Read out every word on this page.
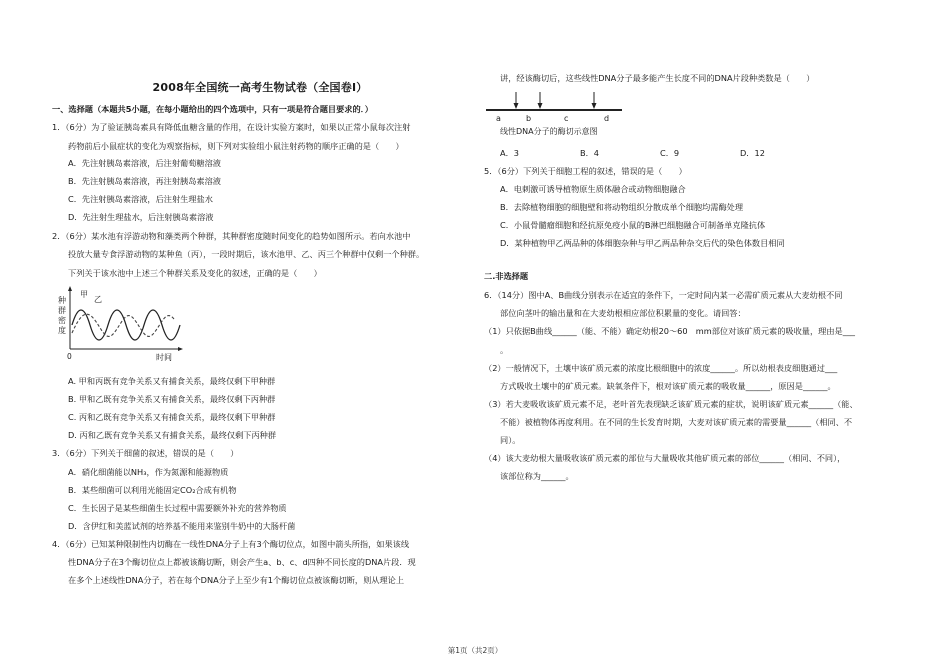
2008年全国统一高考生物试卷（全国卷Ⅰ）
一、选择题（本题共5小题，在每小题给出的四个选项中，只有一项是符合题目要求的．）
1．（6分）为了验证胰岛素具有降低血糖含量的作用，在设计实验方案时，如果以正常小鼠每次注射
药物前后小鼠症状的变化为观察指标，则下列对实验组小鼠注射药物的顺序正确的是（　　）
A．先注射胰岛素溶液，后注射葡萄糖溶液
B．先注射胰岛素溶液，再注射胰岛素溶液
C．先注射胰岛素溶液，后注射生理盐水
D．先注射生理盐水，后注射胰岛素溶液
2．（6分）某水池有浮游动物和藻类两个种群，其种群密度随时间变化的趋势如图所示。若向水池中
投放大量专食浮游动物的某种鱼（丙），一段时期后，该水池甲、乙、丙三个种群中仅剩一个种群。
下列关于该水池中上述三个种群关系及变化的叙述，正确的是（　　）
种
群
密
度
甲
乙
0	时间
A. 甲和丙既有竞争关系又有捕食关系，最终仅剩下甲种群
B. 甲和乙既有竞争关系又有捕食关系，最终仅剩下丙种群
C. 丙和乙既有竞争关系又有捕食关系，最终仅剩下甲种群
D. 丙和乙既有竞争关系又有捕食关系，最终仅剩下丙种群
3．（6分）下列关于细菌的叙述，错误的是（　　）
A．硝化细菌能以NH₃，作为氮源和能源物质
B．某些细菌可以利用光能固定CO₂合成有机物
C．生长因子是某些细菌生长过程中需要额外补充的营养物质
D．含伊红和美蓝试剂的培养基不能用来鉴别牛奶中的大肠杆菌
4．（6分）已知某种限制性内切酶在一线性DNA分子上有3个酶切位点，如图中箭头所指，如果该线
性DNA分子在3个酶切位点上都被该酶切断，则会产生a、b、c、d四种不同长度的DNA片段．现
在多个上述线性DNA分子，若在每个DNA分子上至少有1个酶切位点被该酶切断，则从理论上
讲，经该酶切后，这些线性DNA分子最多能产生长度不同的DNA片段种类数是（　　）
a	b	c	d
线性DNA分子的酶切示意图
A．3	B．4	C．9	D．12
5．（6分）下列关于细胞工程的叙述，错误的是（　　）
A．电刺激可诱导植物原生质体融合或动物细胞融合
B．去除植物细胞的细胞壁和将动物组织分散成单个细胞均需酶处理
C．小鼠骨髓瘤细胞和经抗原免疫小鼠的B淋巴细胞融合可制备单克隆抗体
D．某种植物甲乙两品种的体细胞杂种与甲乙两品种杂交后代的染色体数目相同
二.非选择题
6．（14分）图中A、B曲线分别表示在适宜的条件下，一定时间内某一必需矿质元素从大麦幼根不同
部位向茎叶的输出量和在大麦幼根相应部位积累量的变化。请回答：
（1）只依据B曲线______（能、不能）确定幼根20～60　mm部位对该矿质元素的吸收量，理由是___
。
（2）一般情况下，土壤中该矿质元素的浓度比根细胞中的浓度______。所以幼根表皮细胞通过___
方式吸收土壤中的矿质元素。缺氧条件下，根对该矿质元素的吸收量______，原因是______。
（3）若大麦吸收该矿质元素不足，老叶首先表现缺乏该矿质元素的症状，说明该矿质元素______（能、
不能）被植物体再度利用。在不同的生长发育时期，大麦对该矿质元素的需要量______（相同、不
同）。
（4）该大麦幼根大量吸收该矿质元素的部位与大量吸收其他矿质元素的部位______（相同、不同），
该部位称为______。
第1页（共2页）
